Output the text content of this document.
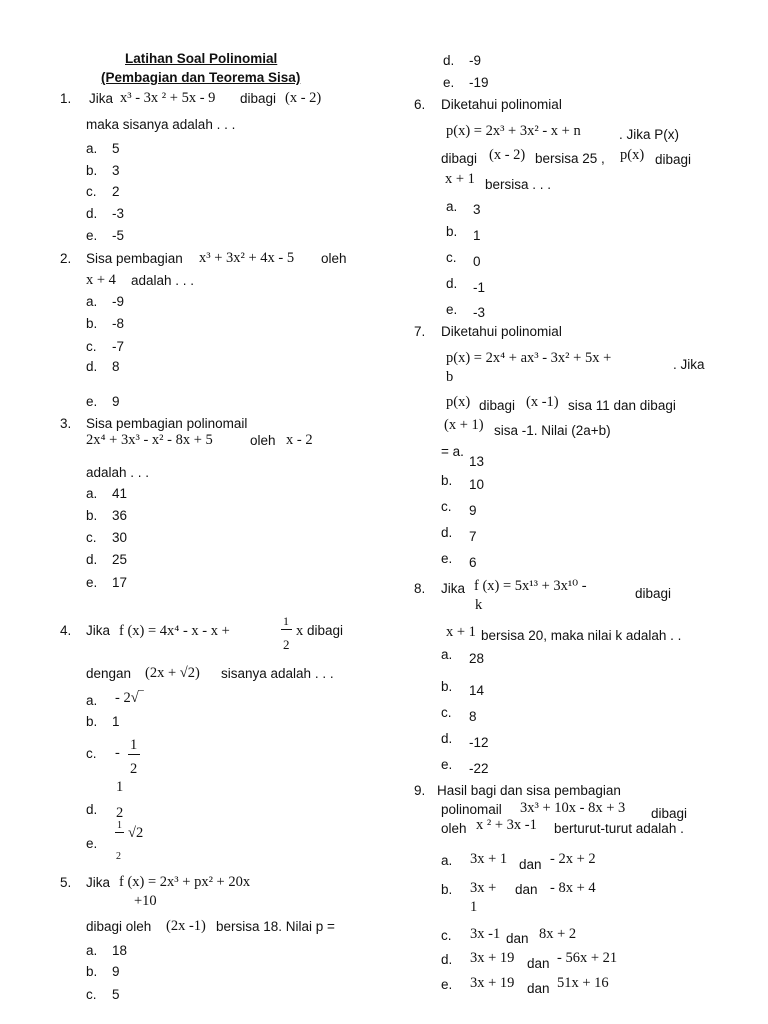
Latihan Soal Polinomial
(Pembagian dan Teorema Sisa)
1. Jika x³ - 3x ² + 5x - 9 dibagi (x - 2)
maka sisanya adalah . . .
a. 5
b. 3
c. 2
d. -3
e. -5
2. Sisa pembagian x³ + 3x² + 4x - 5 oleh
x + 4 adalah . . .
a. -9
b. -8
c. -7
d. 8
e. 9
3. Sisa pembagian polinomail
2x⁴ + 3x³ - x² - 8x + 5	oleh x - 2
adalah . . .
a. 41
b. 36
c. 30
d. 25
e. 17
4. Jika f (x) = 4x⁴ - x - x +
1
2
x dibagi
dengan (2x + √2) sisanya adalah . . .
a. - 2√‾
b. 1
c. - 1
2
1
d. 2
1
e.
√2
2
5. Jika f (x) = 2x³ + px² + 20x
+10
dibagi oleh (2x -1) bersisa 18. Nilai p =
a. 18
b. 9
c. 5
d. -9
e. -19
6. Diketahui polinomial
p(x) = 2x³ + 3x² - x + n	. Jika P(x)
dibagi (x - 2) bersisa 25 , p(x) dibagi
x + 1 bersisa . . .
a. 3
b. 1
c. 0
d. -1
e. -3
7. Diketahui polinomial
p(x) = 2x⁴ + ax³ - 3x² + 5x +
b
. Jika
p(x) dibagi (x -1) sisa 11 dan dibagi
(x + 1) sisa -1. Nilai (2a+b)
= a.
13
b. 10
c. 9
d. 7
e. 6
8. Jika f (x) = 5x¹³ + 3x¹⁰ -
k
dibagi
x + 1 bersisa 20, maka nilai k adalah . .
a. 28
b. 14
c. 8
d. -12
e. -22
9. Hasil bagi dan sisa pembagian
polinomail 3x³ + 10x - 8x + 3 dibagi
oleh x ² + 3x -1 berturut-turut adalah .
a. 3x + 1 dan - 2x + 2
b. 3x +
1
dan - 8x + 4
c. 3x -1 dan 8x + 2
d. 3x + 19 dan - 56x + 21
e. 3x + 19 dan 51x + 16
